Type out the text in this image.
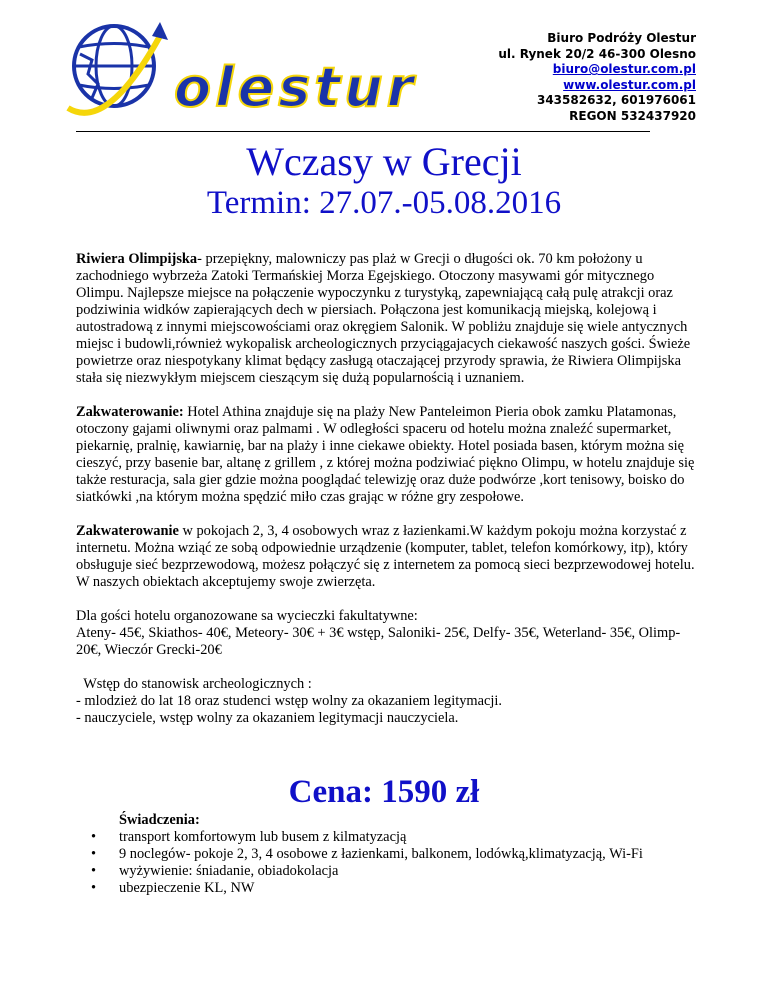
olestur
Biuro Podróży Olestur
ul. Rynek 20/2 46-300 Olesno
biuro@olestur.com.pl
www.olestur.com.pl
343582632, 601976061
REGON 532437920
Wczasy w Grecji
Termin: 27.07.-05.08.2016

Riwiera Olimpijska- przepiękny, malowniczy pas plaż w Grecji o długości ok. 70 km położony u zachodniego wybrzeża Zatoki Termańskiej Morza Egejskiego. Otoczony masywami gór mitycznego Olimpu. Najlepsze miejsce na połączenie wypoczynku z turystyką, zapewniającą całą pulę atrakcji oraz podziwinia widków zapierających dech w piersiach. Połączona jest komunikacją miejską, kolejową i autostradową z innymi miejscowościami oraz okręgiem Salonik. W pobliżu znajduje się wiele antycznych miejsc i budowli,również wykopalisk archeologicznych przyciągajacych ciekawość naszych gości. Świeże powietrze oraz niespotykany klimat będący zasługą otaczającej przyrody sprawia, że Riwiera Olimpijska stała się niezwykłym miejscem cieszącym się dużą popularnością i uznaniem.

Zakwaterowanie: Hotel Athina znajduje się na plaży New Panteleimon Pieria obok zamku Platamonas, otoczony gajami oliwnymi oraz palmami . W odległości spaceru od hotelu można znaleźć supermarket, piekarnię, pralnię, kawiarnię, bar na plaży i inne ciekawe obiekty. Hotel posiada basen, którym można się cieszyć, przy basenie bar, altanę z grillem , z której można podziwiać piękno Olimpu, w hotelu znajduje się także resturacja, sala gier gdzie można pooglądać telewizję oraz duże podwórze ,kort tenisowy, boisko do siatkówki ,na którym można spędzić miło czas grając w różne gry zespołowe.

Zakwaterowanie w pokojach 2, 3, 4 osobowych wraz z łazienkami.W każdym pokoju można korzystać z internetu. Można wziąć ze sobą odpowiednie urządzenie (komputer, tablet, telefon komórkowy, itp), który obsługuje sieć bezprzewodową, możesz połączyć się z internetem za pomocą sieci bezprzewodowej hotelu. W naszych obiektach akceptujemy swoje zwierzęta.

Dla gości hotelu organozowane sa wycieczki fakultatywne:
Ateny- 45€, Skiathos- 40€, Meteory- 30€ + 3€ wstęp, Saloniki- 25€, Delfy- 35€, Weterland- 35€, Olimp- 20€, Wieczór Grecki-20€

Wstęp do stanowisk archeologicznych :
- mlodzież do lat 18 oraz studenci wstęp wolny za okazaniem legitymacji.
- nauczyciele, wstęp wolny za okazaniem legitymacji nauczyciela.

Cena: 1590 zł
Świadczenia:
• transport komfortowym lub busem z kilmatyzacją
• 9 noclegów- pokoje 2, 3, 4 osobowe z łazienkami, balkonem, lodówką,klimatyzacją, Wi-Fi
• wyżywienie: śniadanie, obiadokolacja
• ubezpieczenie KL, NW
